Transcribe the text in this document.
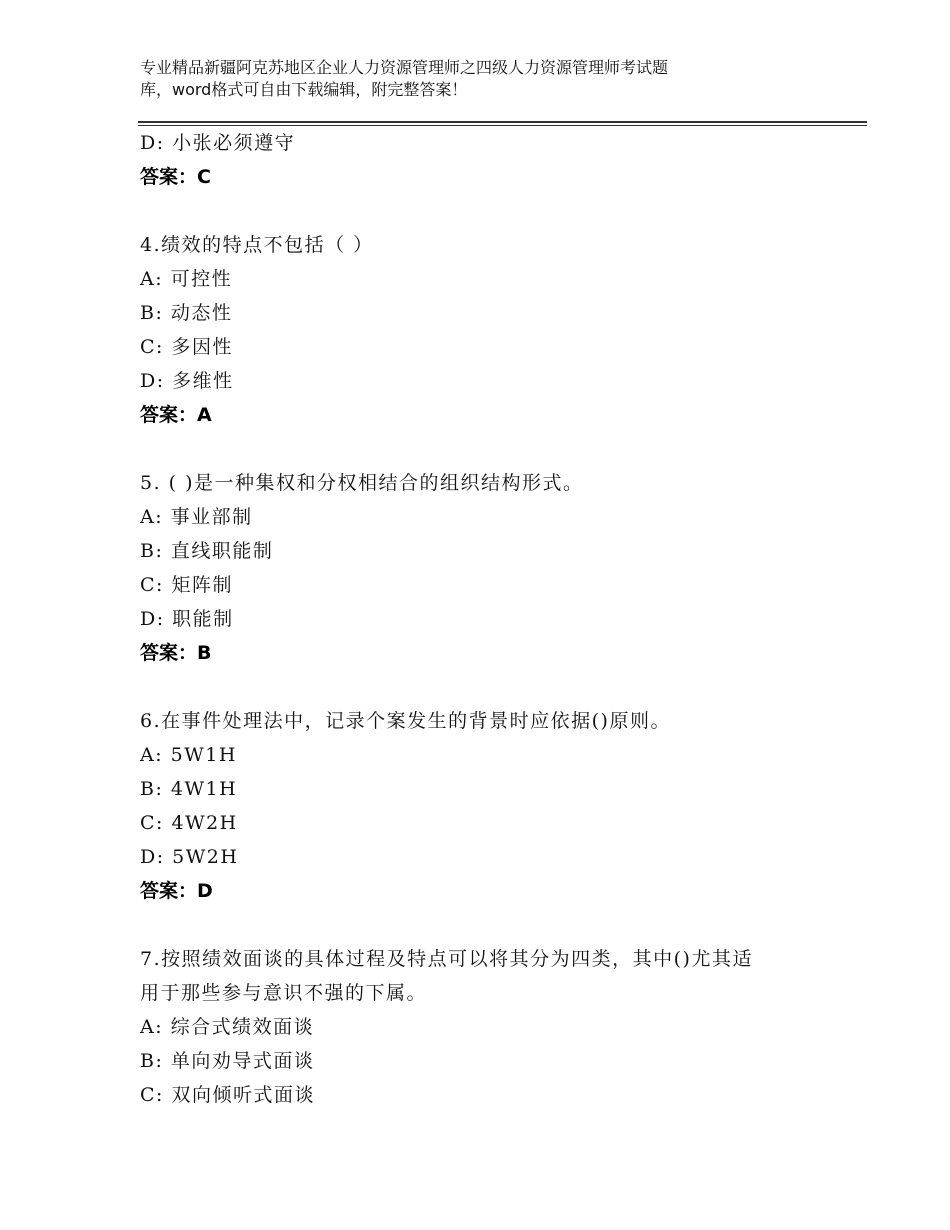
专业精品新疆阿克苏地区企业人力资源管理师之四级人力资源管理师考试题
库，word格式可自由下载编辑，附完整答案！
D: 小张必须遵守
答案：C
4.绩效的特点不包括（ ）
A: 可控性
B: 动态性
C: 多因性
D: 多维性
答案：A
5. ( )是一种集权和分权相结合的组织结构形式。
A: 事业部制
B: 直线职能制
C: 矩阵制
D: 职能制
答案：B
6.在事件处理法中，记录个案发生的背景时应依据()原则。
A: 5W1H
B: 4W1H
C: 4W2H
D: 5W2H
答案：D
7.按照绩效面谈的具体过程及特点可以将其分为四类，其中()尤其适
用于那些参与意识不强的下属。
A: 综合式绩效面谈
B: 单向劝导式面谈
C: 双向倾听式面谈
